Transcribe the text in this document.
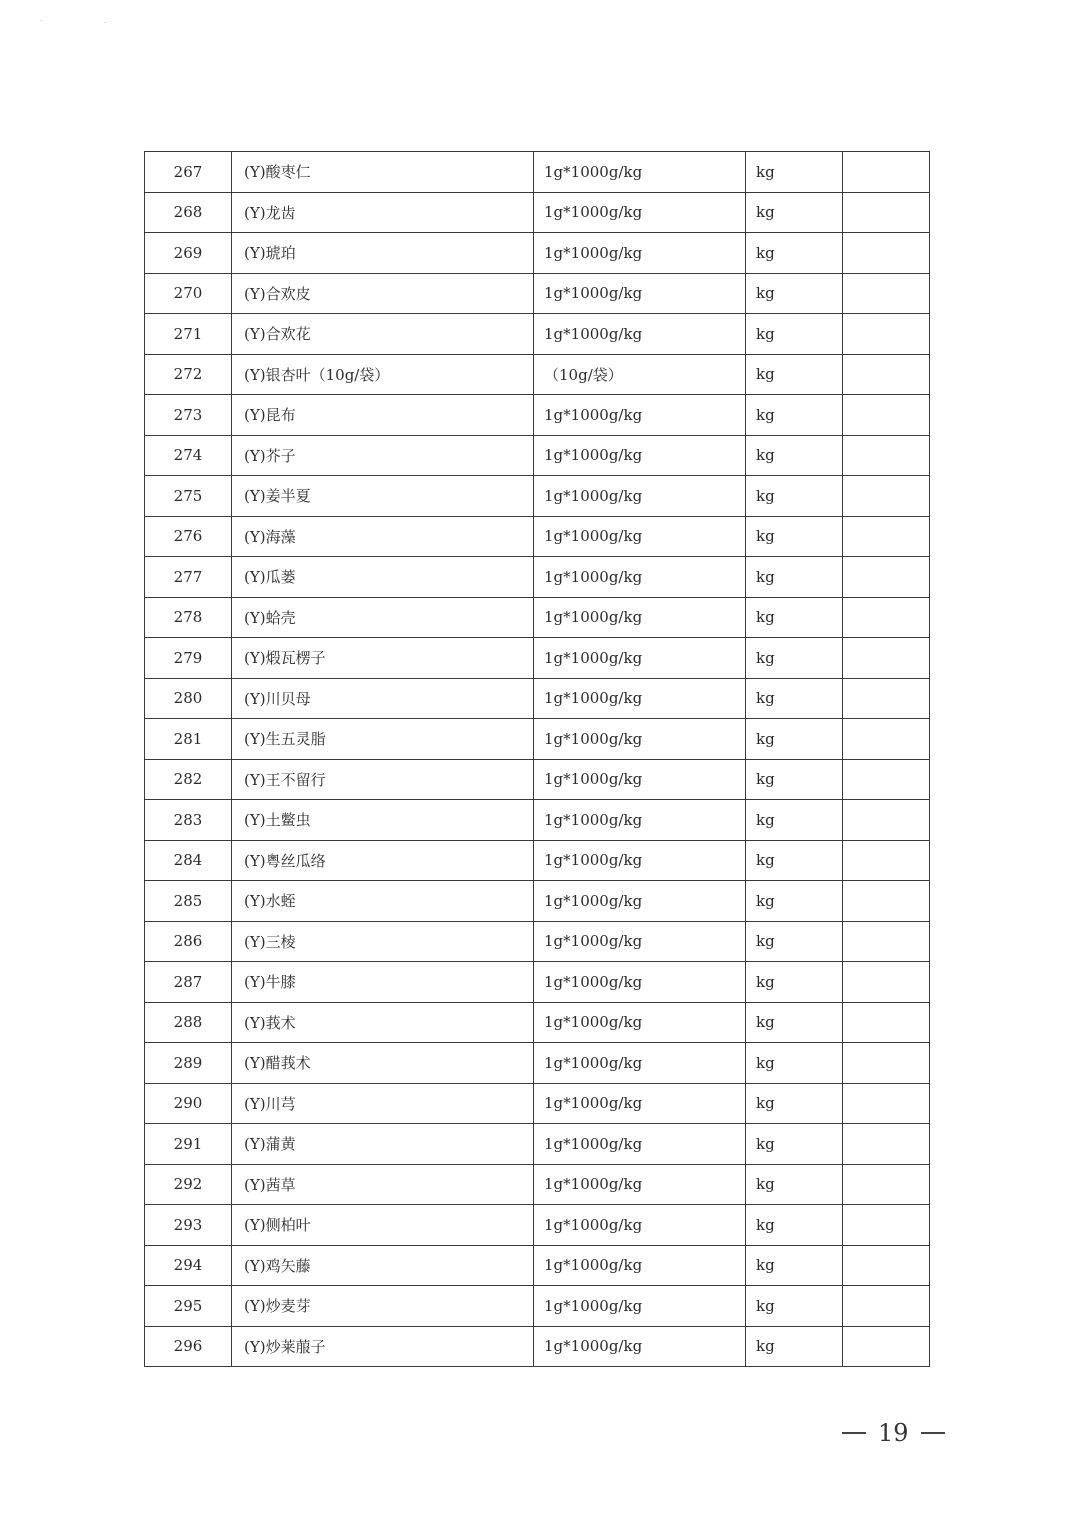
·	·
267	(Y)酸枣仁	1g*1000g/kg	kg	
268	(Y)龙齿	1g*1000g/kg	kg	
269	(Y)琥珀	1g*1000g/kg	kg	
270	(Y)合欢皮	1g*1000g/kg	kg	
271	(Y)合欢花	1g*1000g/kg	kg	
272	(Y)银杏叶（10g/袋）	（10g/袋）	kg	
273	(Y)昆布	1g*1000g/kg	kg	
274	(Y)芥子	1g*1000g/kg	kg	
275	(Y)姜半夏	1g*1000g/kg	kg	
276	(Y)海藻	1g*1000g/kg	kg	
277	(Y)瓜蒌	1g*1000g/kg	kg	
278	(Y)蛤壳	1g*1000g/kg	kg	
279	(Y)煅瓦楞子	1g*1000g/kg	kg	
280	(Y)川贝母	1g*1000g/kg	kg	
281	(Y)生五灵脂	1g*1000g/kg	kg	
282	(Y)王不留行	1g*1000g/kg	kg	
283	(Y)土鳖虫	1g*1000g/kg	kg	
284	(Y)粤丝瓜络	1g*1000g/kg	kg	
285	(Y)水蛭	1g*1000g/kg	kg	
286	(Y)三棱	1g*1000g/kg	kg	
287	(Y)牛膝	1g*1000g/kg	kg	
288	(Y)莪术	1g*1000g/kg	kg	
289	(Y)醋莪术	1g*1000g/kg	kg	
290	(Y)川芎	1g*1000g/kg	kg	
291	(Y)蒲黄	1g*1000g/kg	kg	
292	(Y)茜草	1g*1000g/kg	kg	
293	(Y)侧柏叶	1g*1000g/kg	kg	
294	(Y)鸡矢藤	1g*1000g/kg	kg	
295	(Y)炒麦芽	1g*1000g/kg	kg	
296	(Y)炒莱菔子	1g*1000g/kg	kg	
19
